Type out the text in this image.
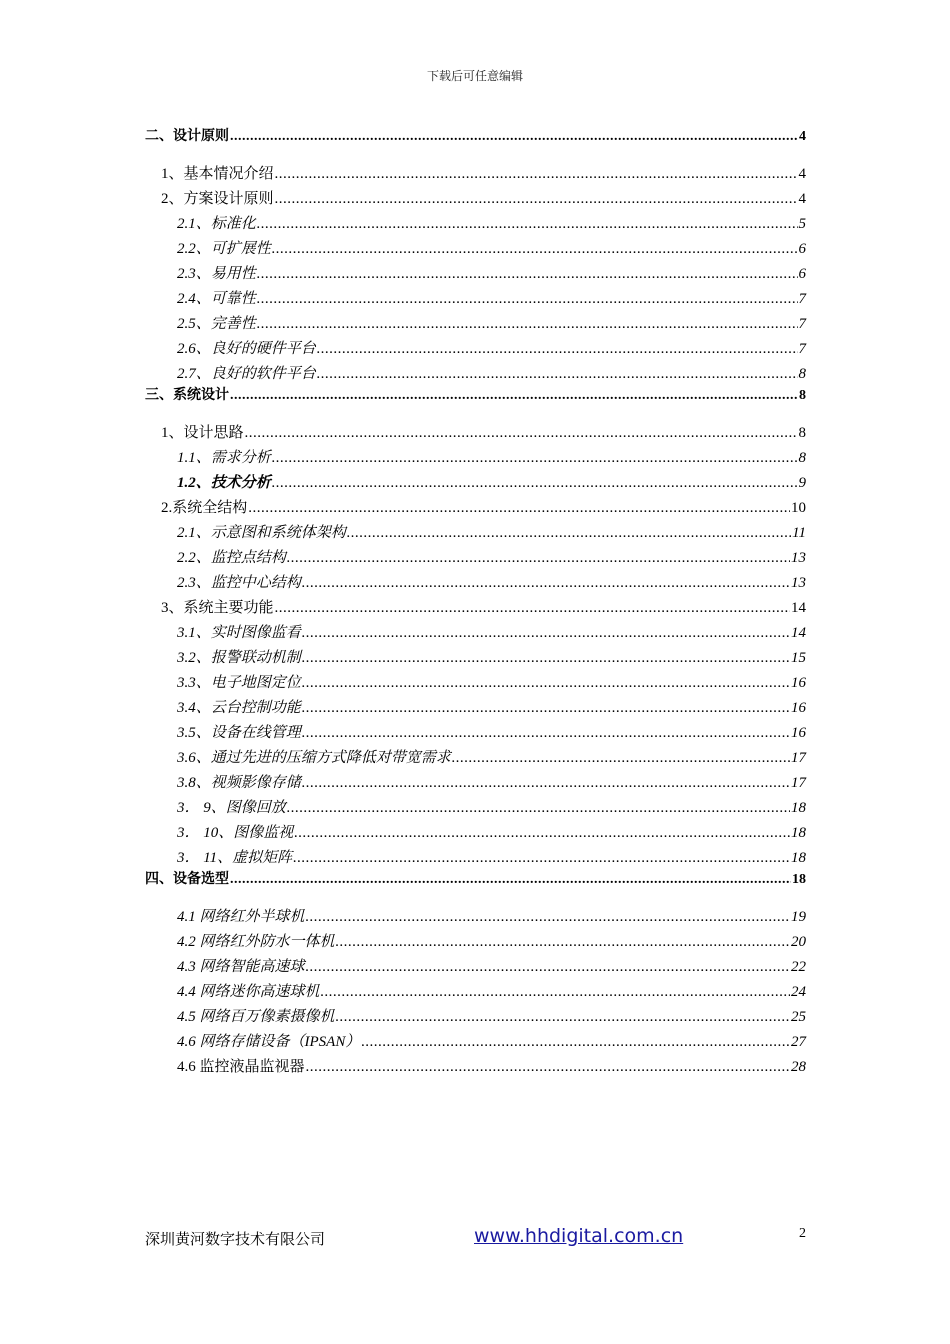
下载后可任意编辑
二、设计原则 .....	4
1、基本情况介绍 .....	4
2、方案设计原则 .....	4
2.1、标准化 .....	5
2.2、可扩展性 .....	6
2.3、易用性 .....	6
2.4、可靠性 .....	7
2.5、完善性 .....	7
2.6、良好的硬件平台 .....	7
2.7、良好的软件平台 .....	8
三、系统设计 .....	8
1、设计思路 .....	8
1.1、需求分析 .....	8
1.2、技术分析 .....	9
2.系统全结构 .....	10
2.1、示意图和系统体架构 .....	11
2.2、监控点结构 .....	13
2.3、监控中心结构 .....	13
3、系统主要功能 .....	14
3.1、实时图像监看 .....	14
3.2、报警联动机制 .....	15
3.3、电子地图定位 .....	16
3.4、云台控制功能 .....	16
3.5、设备在线管理 .....	16
3.6、通过先进的压缩方式降低对带宽需求 .....	17
3.8、视频影像存储 .....	17
3． 9、图像回放 .....	18
3． 10、图像监视 .....	18
3． 11、虚拟矩阵 .....	18
四、设备选型 .....	18
4.1 网络红外半球机 .....	19
4.2 网络红外防水一体机 .....	20
4.3 网络智能高速球 .....	22
4.4 网络迷你高速球机 .....	24
4.5 网络百万像素摄像机 .....	25
4.6 网络存储设备（IPSAN） .....	27
4.6 监控液晶监视器 .....	28
深圳黄河数字技术有限公司	www.hhdigital.com.cn	2
